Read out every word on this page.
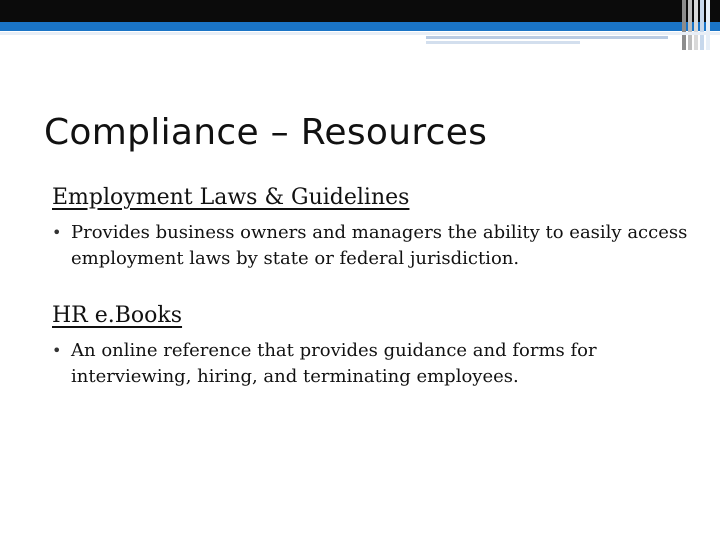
Compliance – Resources
Employment Laws & Guidelines
• Provides business owners and managers the ability to easily access employment laws by state or federal jurisdiction.
HR e.Books
• An online reference that provides guidance and forms for interviewing, hiring, and terminating employees.
